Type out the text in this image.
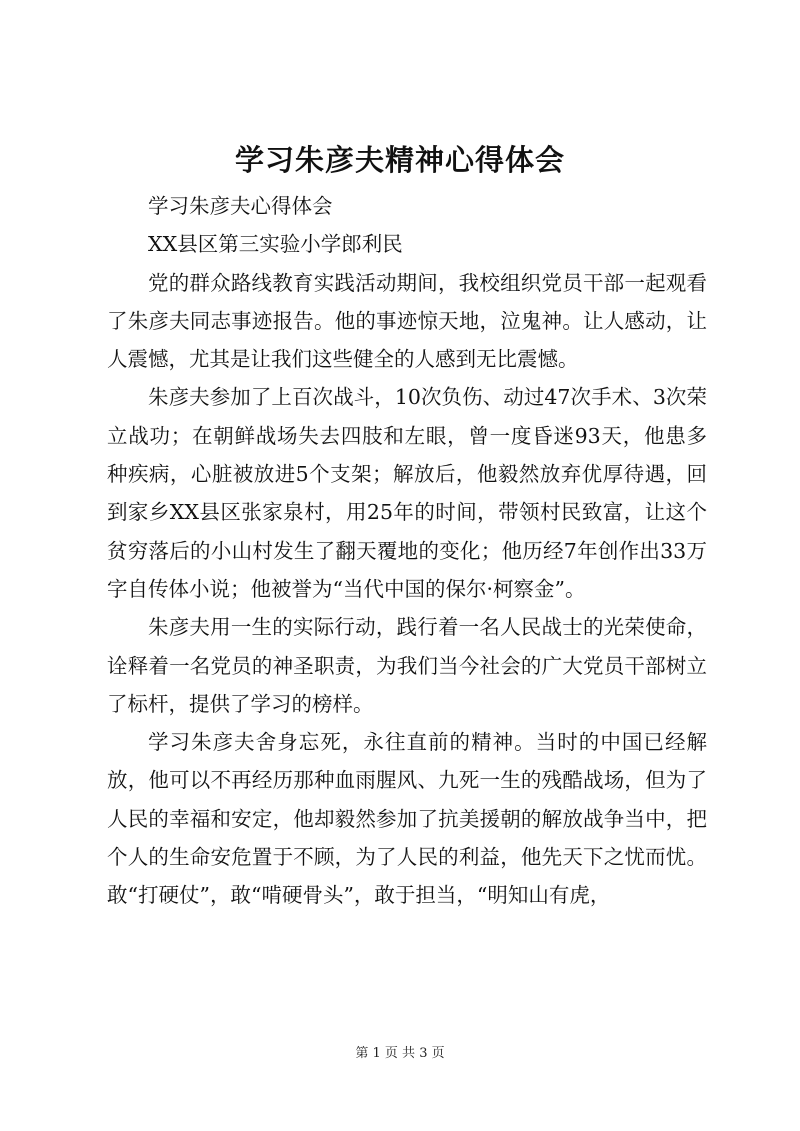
学习朱彦夫精神心得体会

学习朱彦夫心得体会

XX县区第三实验小学郎利民

党的群众路线教育实践活动期间，我校组织党员干部一起观看了朱彦夫同志事迹报告。他的事迹惊天地，泣鬼神。让人感动，让人震憾，尤其是让我们这些健全的人感到无比震憾。

朱彦夫参加了上百次战斗，10次负伤、动过47次手术、3次荣立战功；在朝鲜战场失去四肢和左眼，曾一度昏迷93天，他患多种疾病，心脏被放进5个支架；解放后，他毅然放弃优厚待遇，回到家乡XX县区张家泉村，用25年的时间，带领村民致富，让这个贫穷落后的小山村发生了翻天覆地的变化；他历经7年创作出33万字自传体小说；他被誉为“当代中国的保尔·柯察金”。

朱彦夫用一生的实际行动，践行着一名人民战士的光荣使命，诠释着一名党员的神圣职责，为我们当今社会的广大党员干部树立了标杆，提供了学习的榜样。

学习朱彦夫舍身忘死，永往直前的精神。当时的中国已经解放，他可以不再经历那种血雨腥风、九死一生的残酷战场，但为了人民的幸福和安定，他却毅然参加了抗美援朝的解放战争当中，把个人的生命安危置于不顾，为了人民的利益，他先天下之忧而忧。敢“打硬仗”，敢“啃硬骨头”，敢于担当，“明知山有虎，

第 1 页 共 3 页
